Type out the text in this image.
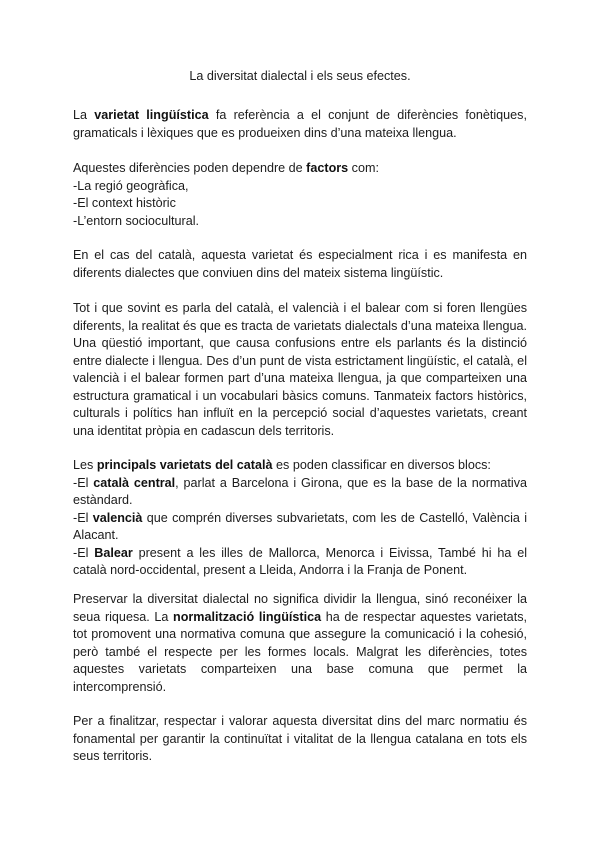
La diversitat dialectal i els seus efectes.

La varietat lingüística fa referència a el conjunt de diferències fonètiques, gramaticals i lèxiques que es produeixen dins d’una mateixa llengua.

Aquestes diferències poden dependre de factors com:
-La regió geogràfica,
-El context històric
-L’entorn sociocultural.

En el cas del català, aquesta varietat és especialment rica i es manifesta en diferents dialectes que conviuen dins del mateix sistema lingüístic.

Tot i que sovint es parla del català, el valencià i el balear com si foren llengües diferents, la realitat és que es tracta de varietats dialectals d’una mateixa llengua. Una qüestió important, que causa confusions entre els parlants és la distinció entre dialecte i llengua. Des d’un punt de vista estrictament lingüístic, el català, el valencià i el balear formen part d’una mateixa llengua, ja que comparteixen una estructura gramatical i un vocabulari bàsics comuns. Tanmateix factors històrics, culturals i polítics han influït en la percepció social d’aquestes varietats, creant una identitat pròpia en cadascun dels territoris.

Les principals varietats del català es poden classificar en diversos blocs:
-El català central, parlat a Barcelona i Girona, que es la base de la normativa estàndard.
-El valencià que comprén diverses subvarietats, com les de Castelló, València i Alacant.
-El Balear present a les illes de Mallorca, Menorca i Eivissa, També hi ha el català nord-occidental, present a Lleida, Andorra i la Franja de Ponent.

Preservar la diversitat dialectal no significa dividir la llengua, sinó reconéixer la seua riquesa. La normalització lingüística ha de respectar aquestes varietats, tot promovent una normativa comuna que assegure la comunicació i la cohesió, però també el respecte per les formes locals. Malgrat les diferències, totes aquestes varietats comparteixen una base comuna que permet la intercomprensió.

Per a finalitzar, respectar i valorar aquesta diversitat dins del marc normatiu és fonamental per garantir la continuïtat i vitalitat de la llengua catalana en tots els seus territoris.
